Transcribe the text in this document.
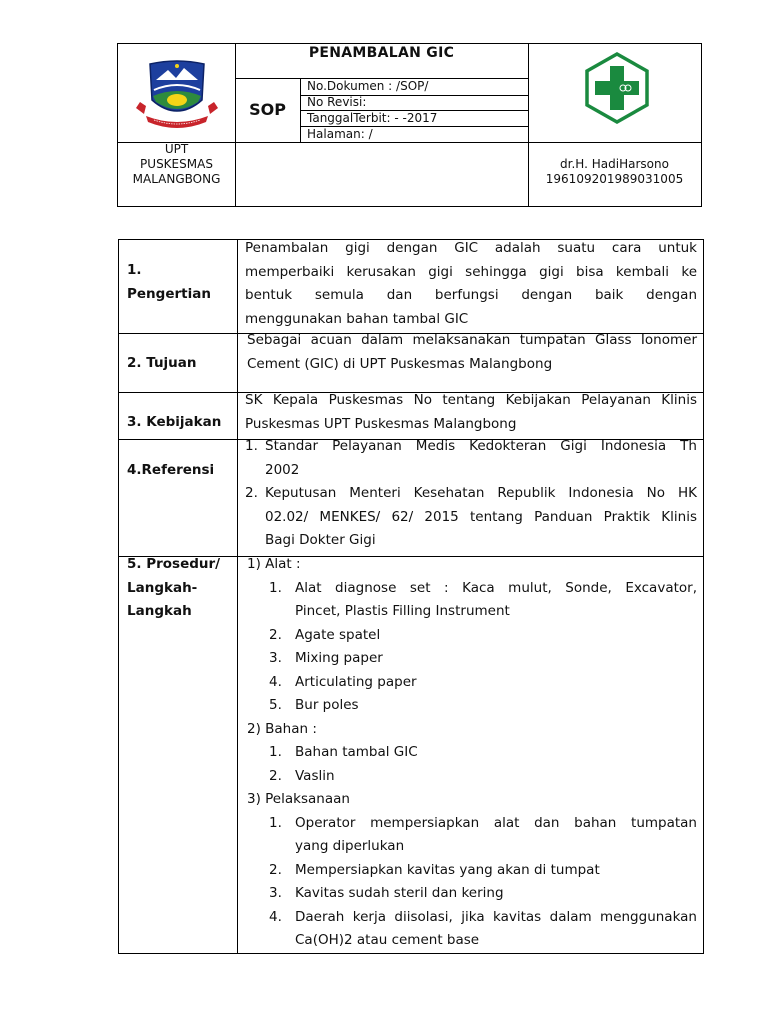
PENAMBALAN GIC
SOP
No.Dokumen : /SOP/
No Revisi:
TanggalTerbit: - -2017
Halaman: /
UPT
PUSKESMAS
MALANGBONG
dr.H. HadiHarsono
196109201989031005
1.
Pengertian
Penambalan gigi dengan GIC adalah suatu cara untuk
memperbaiki kerusakan gigi sehingga gigi bisa kembali ke
bentuk semula dan berfungsi dengan baik dengan
menggunakan bahan tambal GIC
2. Tujuan
Sebagai acuan dalam melaksanakan tumpatan Glass Ionomer
Cement (GIC) di UPT Puskesmas Malangbong
3. Kebijakan
SK Kepala Puskesmas No tentang Kebijakan Pelayanan Klinis
Puskesmas UPT Puskesmas Malangbong
4.Referensi
1. Standar Pelayanan Medis Kedokteran Gigi Indonesia Th
2002
2. Keputusan Menteri Kesehatan Republik Indonesia No HK
02.02/ MENKES/ 62/ 2015 tentang Panduan Praktik Klinis
Bagi Dokter Gigi
5. Prosedur/
Langkah-
Langkah
1) Alat :
1. Alat diagnose set : Kaca mulut, Sonde, Excavator,
Pincet, Plastis Filling Instrument
2. Agate spatel
3. Mixing paper
4. Articulating paper
5. Bur poles
2) Bahan :
1. Bahan tambal GIC
2. Vaslin
3) Pelaksanaan
1. Operator mempersiapkan alat dan bahan tumpatan
yang diperlukan
2. Mempersiapkan kavitas yang akan di tumpat
3. Kavitas sudah steril dan kering
4. Daerah kerja diisolasi, jika kavitas dalam menggunakan
Ca(OH)2 atau cement base
